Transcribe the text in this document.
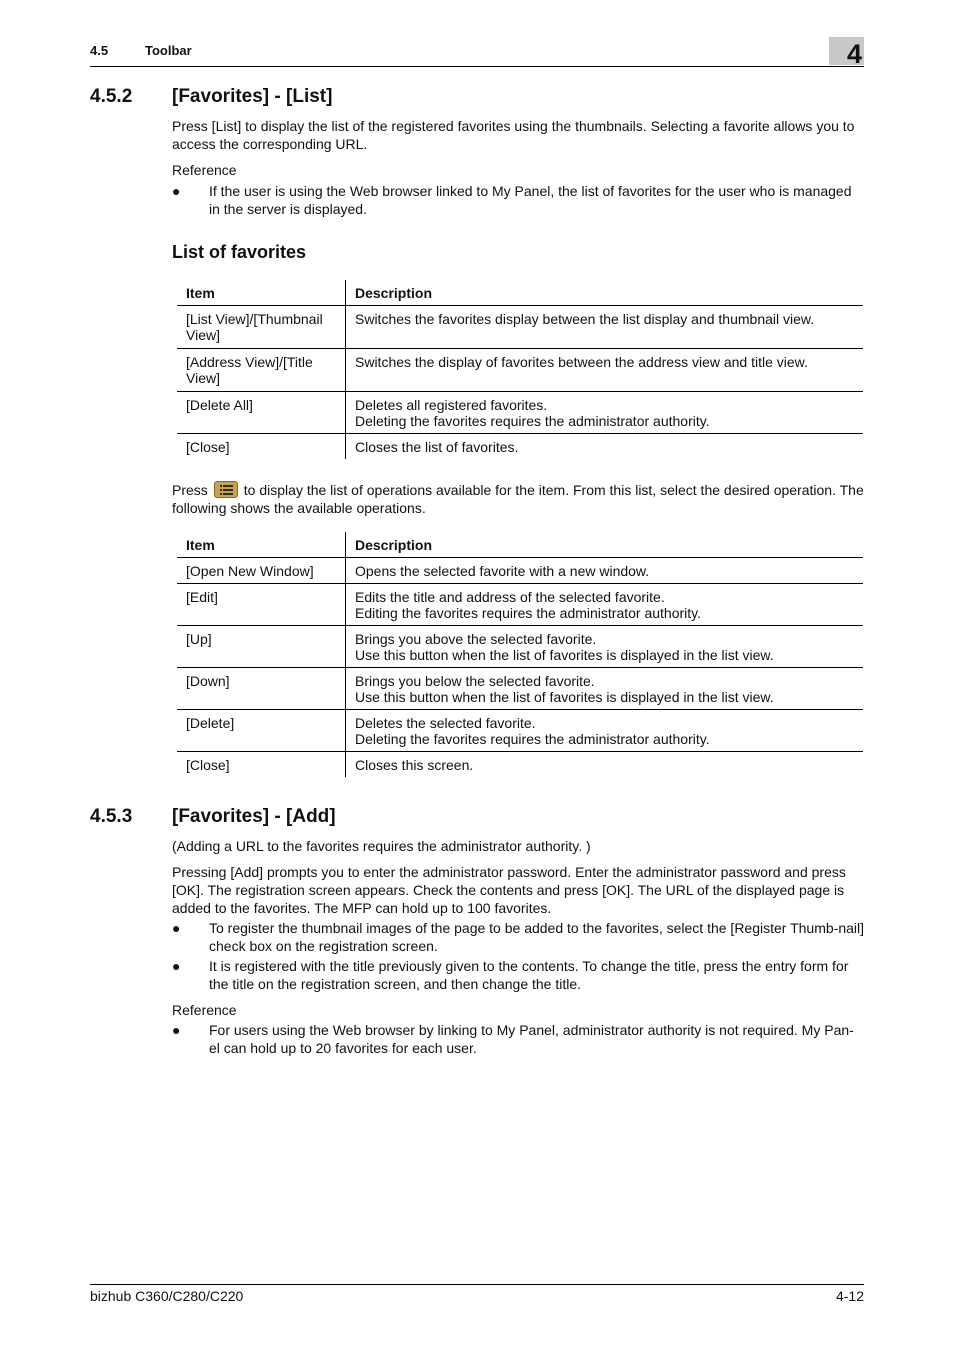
4.5	Toolbar	4
4.5.2 [Favorites] - [List]
Press [List] to display the list of the registered favorites using the thumbnails. Selecting a favorite allows you to access the corresponding URL.
Reference
●	If the user is using the Web browser linked to My Panel, the list of favorites for the user who is managed in the server is displayed.
List of favorites
Item	Description
[List View]/[Thumbnail View]	Switches the favorites display between the list display and thumbnail view.
[Address View]/[Title View]	Switches the display of favorites between the address view and title view.
[Delete All]	Deletes all registered favorites.
Deleting the favorites requires the administrator authority.

[Close]	Closes the list of favorites.
Press	to display the list of operations available for the item. From this list, select the desired operation. The following shows the available operations.
Item	Description
[Open New Window]	Opens the selected favorite with a new window.
[Edit]	Edits the title and address of the selected favorite.
Editing the favorites requires the administrator authority.

[Up]	Brings you above the selected favorite.
Use this button when the list of favorites is displayed in the list view.

[Down]	Brings you below the selected favorite.
Use this button when the list of favorites is displayed in the list view.

[Delete]	Deletes the selected favorite.
Deleting the favorites requires the administrator authority.

[Close]	Closes this screen.
4.5.3 [Favorites] - [Add]
(Adding a URL to the favorites requires the administrator authority. )
Pressing [Add] prompts you to enter the administrator password. Enter the administrator password and press [OK]. The registration screen appears. Check the contents and press [OK]. The URL of the displayed page is added to the favorites. The MFP can hold up to 100 favorites.
●	To register the thumbnail images of the page to be added to the favorites, select the [Register Thumb-nail] check box on the registration screen.
●	It is registered with the title previously given to the contents. To change the title, press the entry form for the title on the registration screen, and then change the title.
Reference
●	For users using the Web browser by linking to My Panel, administrator authority is not required. My Pan-el can hold up to 20 favorites for each user.
bizhub C360/C280/C220	4-12
